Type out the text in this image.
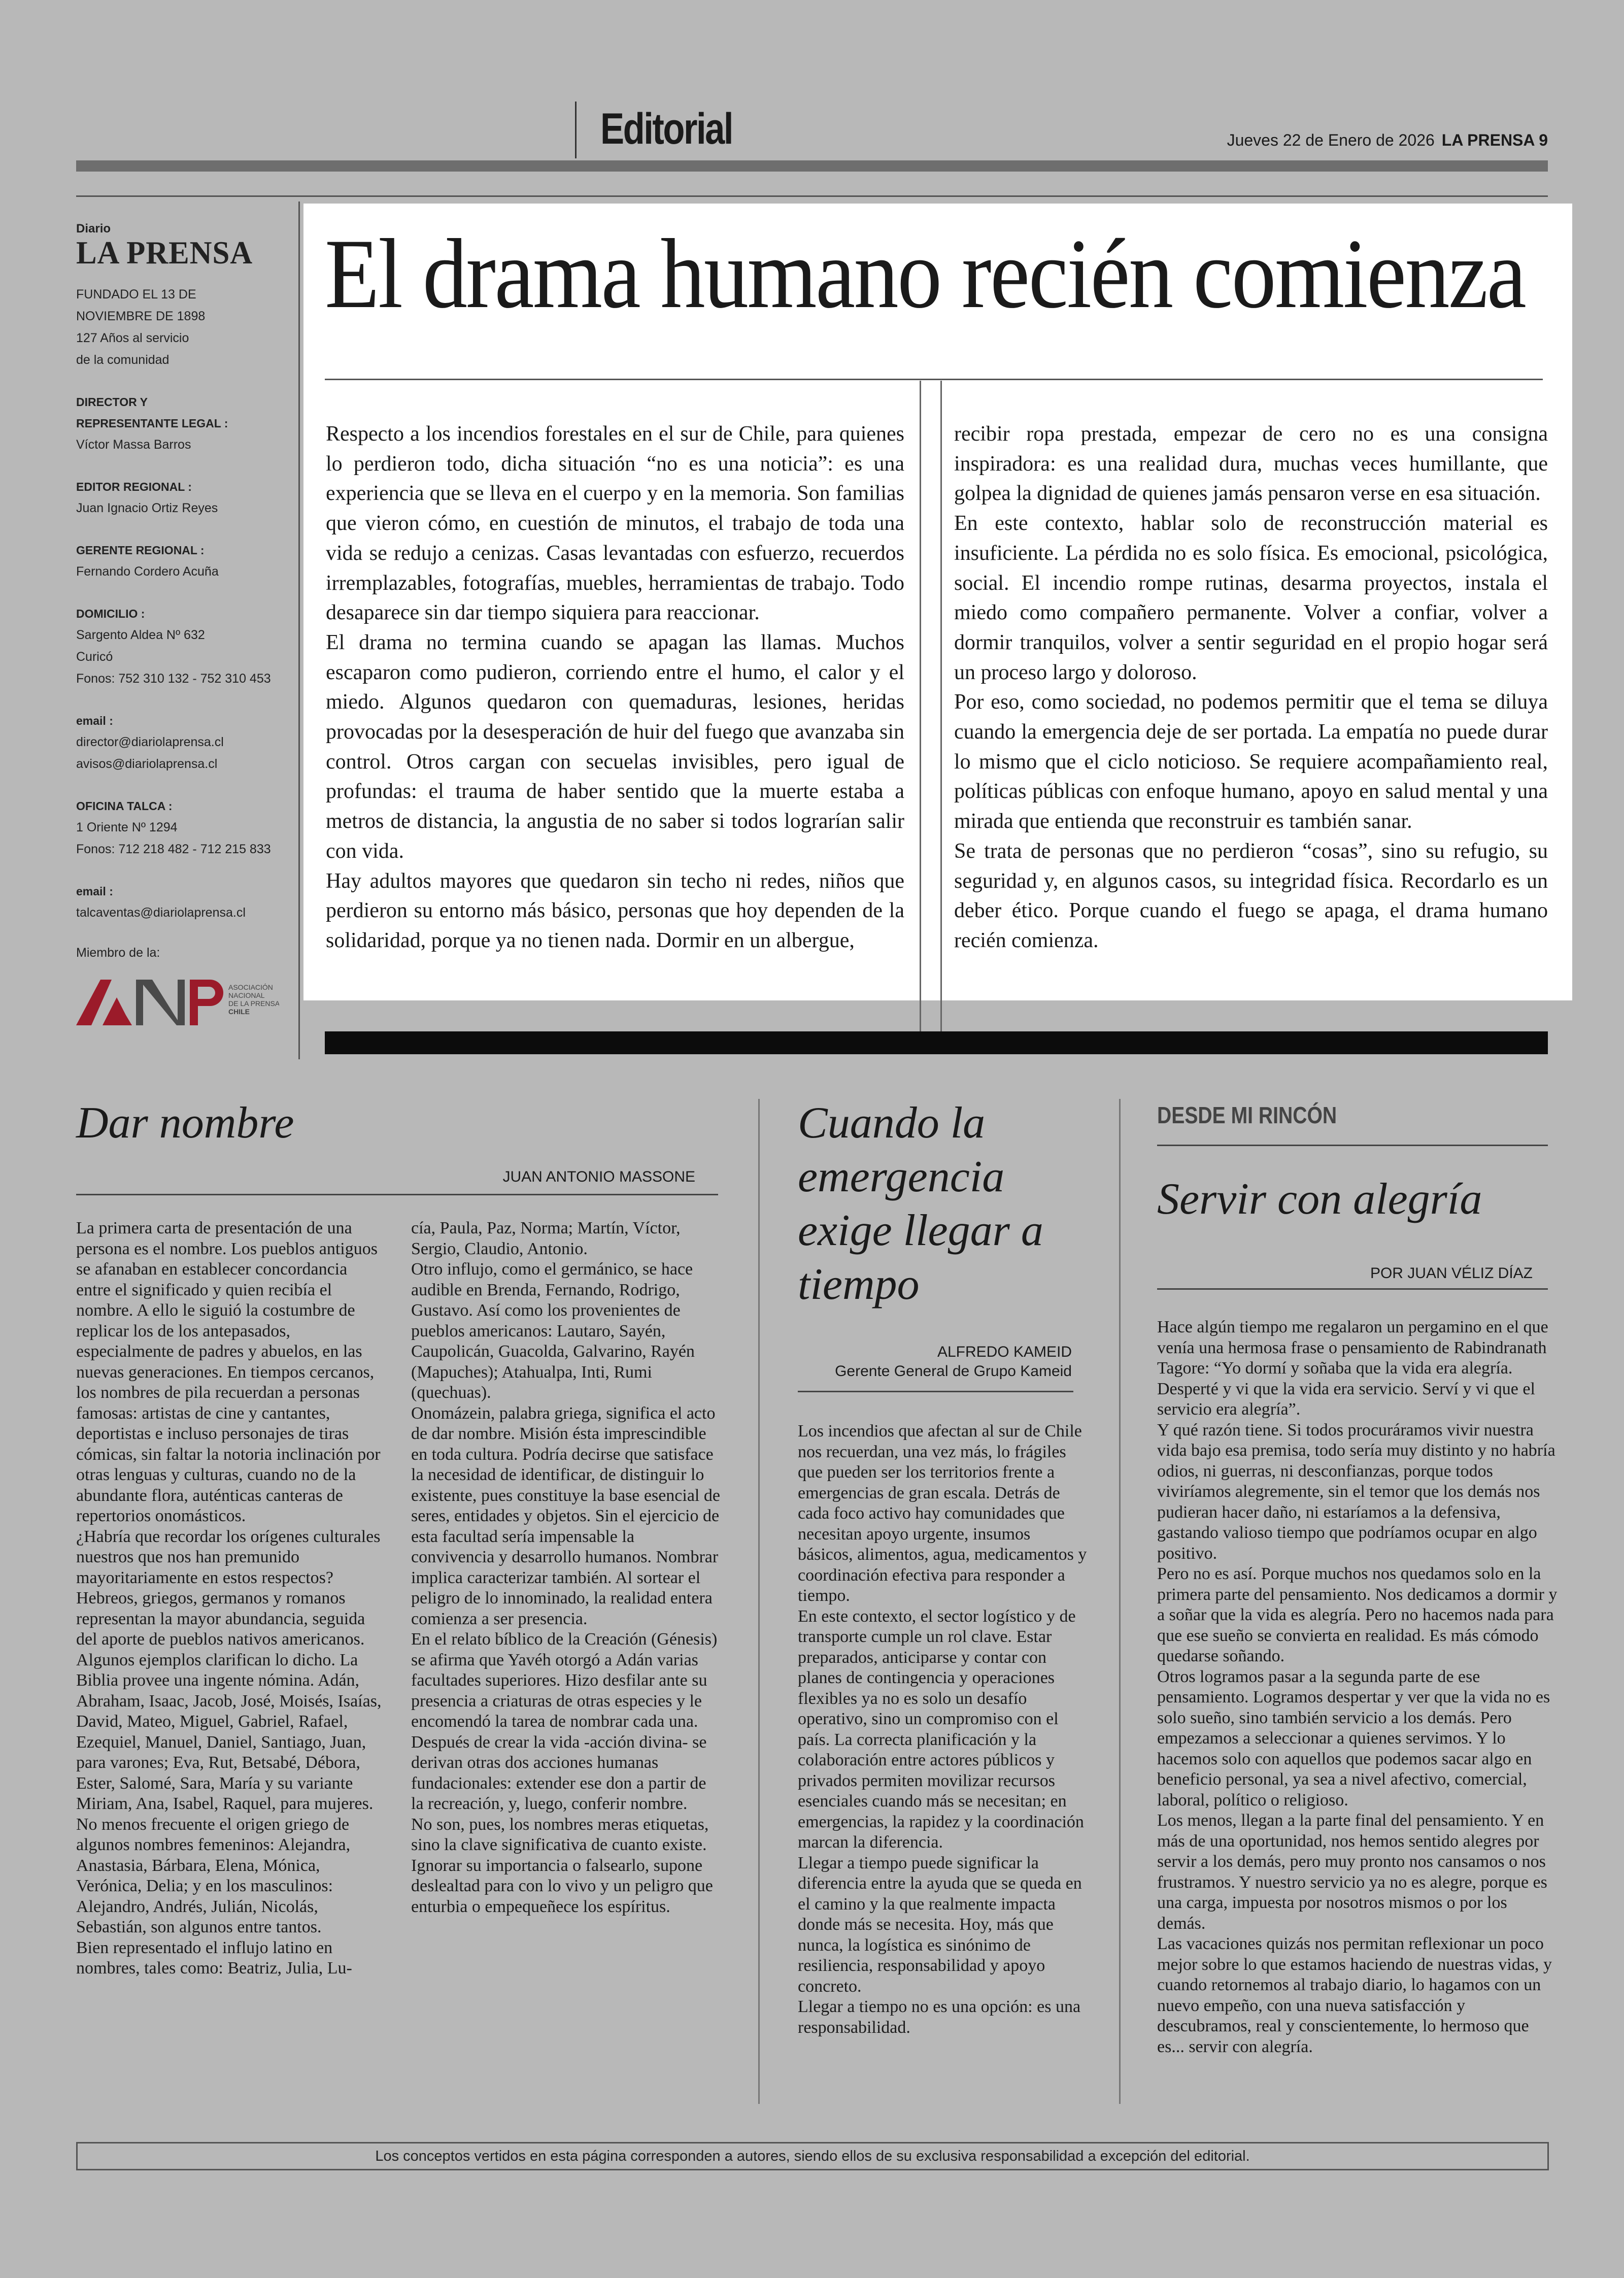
Editorial	Jueves 22 de Enero de 2026 LA PRENSA 9
Diario
LA PRENSA
FUNDADO EL 13 DE
NOVIEMBRE DE 1898
127 Años al servicio
de la comunidad
DIRECTOR Y
REPRESENTANTE LEGAL :
Víctor Massa Barros
EDITOR REGIONAL :
Juan Ignacio Ortiz Reyes
GERENTE REGIONAL :
Fernando Cordero Acuña
DOMICILIO :
Sargento Aldea Nº 632
Curicó
Fonos: 752 310 132 - 752 310 453
email :
director@diariolaprensa.cl
avisos@diariolaprensa.cl
OFICINA TALCA :
1 Oriente Nº 1294
Fonos: 712 218 482 - 712 215 833
email :
talcaventas@diariolaprensa.cl
Miembro de la:
ASOCIACIÓN
NACIONAL
DE LA PRENSA
CHILE
El drama humano recién comienza

Respecto a los incendios forestales en el sur de Chile, para quienes lo perdieron todo, dicha situación “no es una noticia”: es una experiencia que se lleva en el cuerpo y en la memoria. Son familias que vieron cómo, en cuestión de minutos, el trabajo de toda una vida se redujo a cenizas. Casas levantadas con esfuerzo, recuerdos irremplazables, fotografías, muebles, herramientas de trabajo. Todo desaparece sin dar tiempo siquiera para reaccionar.

El drama no termina cuando se apagan las llamas. Muchos escaparon como pudieron, corriendo entre el humo, el calor y el miedo. Algunos quedaron con quemaduras, lesiones, heridas provocadas por la desesperación de huir del fuego que avanzaba sin control. Otros cargan con secuelas invisibles, pero igual de profundas: el trauma de haber sentido que la muerte estaba a metros de distancia, la angustia de no saber si todos lograrían salir con vida.

Hay adultos mayores que quedaron sin techo ni redes, niños que perdieron su entorno más básico, personas que hoy dependen de la solidaridad, porque ya no tienen nada. Dormir en un albergue,

recibir ropa prestada, empezar de cero no es una consigna inspiradora: es una realidad dura, muchas veces humillante, que golpea la dignidad de quienes jamás pensaron verse en esa situación.

En este contexto, hablar solo de reconstrucción material es insuficiente. La pérdida no es solo física. Es emocional, psicológica, social. El incendio rompe rutinas, desarma proyectos, instala el miedo como compañero permanente. Volver a confiar, volver a dormir tranquilos, volver a sentir seguridad en el propio hogar será un proceso largo y doloroso.

Por eso, como sociedad, no podemos permitir que el tema se diluya cuando la emergencia deje de ser portada. La empatía no puede durar lo mismo que el ciclo noticioso. Se requiere acompañamiento real, políticas públicas con enfoque humano, apoyo en salud mental y una mirada que entienda que reconstruir es también sanar.

Se trata de personas que no perdieron “cosas”, sino su refugio, su seguridad y, en algunos casos, su integridad física. Recordarlo es un deber ético. Porque cuando el fuego se apaga, el drama humano recién comienza.

Dar nombre
JUAN ANTONIO MASSONE

La primera carta de presentación de una persona es el nombre. Los pueblos antiguos se afanaban en establecer concordancia entre el significado y quien recibía el nombre. A ello le siguió la costumbre de replicar los de los antepasados, especialmente de padres y abuelos, en las nuevas generaciones. En tiempos cercanos, los nombres de pila recuerdan a personas famosas: artistas de cine y cantantes, deportistas e incluso personajes de tiras cómicas, sin faltar la notoria inclinación por otras lenguas y culturas, cuando no de la abundante flora, auténticas canteras de repertorios onomásticos.

¿Habría que recordar los orígenes culturales nuestros que nos han premunido mayoritariamente en estos respectos? Hebreos, griegos, germanos y romanos representan la mayor abundancia, seguida del aporte de pueblos nativos americanos. Algunos ejemplos clarifican lo dicho. La Biblia provee una ingente nómina. Adán, Abraham, Isaac, Jacob, José, Moisés, Isaías, David, Mateo, Miguel, Gabriel, Rafael, Ezequiel, Manuel, Daniel, Santiago, Juan, para varones; Eva, Rut, Betsabé, Débora, Ester, Salomé, Sara, María y su variante Miriam, Ana, Isabel, Raquel, para mujeres.

No menos frecuente el origen griego de algunos nombres femeninos: Alejandra, Anastasia, Bárbara, Elena, Mónica, Verónica, Delia; y en los masculinos: Alejandro, Andrés, Julián, Nicolás, Sebastián, son algunos entre tantos.

Bien representado el influjo latino en nombres, tales como: Beatriz, Julia, Lu-

cía, Paula, Paz, Norma; Martín, Víctor, Sergio, Claudio, Antonio.

Otro influjo, como el germánico, se hace audible en Brenda, Fernando, Rodrigo, Gustavo. Así como los provenientes de pueblos americanos: Lautaro, Sayén, Caupolicán, Guacolda, Galvarino, Rayén (Mapuches); Atahualpa, Inti, Rumi (quechuas).

Onomázein, palabra griega, significa el acto de dar nombre. Misión ésta imprescindible en toda cultura. Podría decirse que satisface la necesidad de identificar, de distinguir lo existente, pues constituye la base esencial de seres, entidades y objetos. Sin el ejercicio de esta facultad sería impensable la convivencia y desarrollo humanos. Nombrar implica caracterizar también. Al sortear el peligro de lo innominado, la realidad entera comienza a ser presencia.

En el relato bíblico de la Creación (Génesis) se afirma que Yavéh otorgó a Adán varias facultades superiores. Hizo desfilar ante su presencia a criaturas de otras especies y le encomendó la tarea de nombrar cada una. Después de crear la vida -acción divina- se derivan otras dos acciones humanas fundacionales: extender ese don a partir de la recreación, y, luego, conferir nombre.

No son, pues, los nombres meras etiquetas, sino la clave significativa de cuanto existe.

Ignorar su importancia o falsearlo, supone deslealtad para con lo vivo y un peligro que enturbia o empequeñece los espíritus.

Cuando la emergencia exige llegar a tiempo
ALFREDO KAMEID
Gerente General de Grupo Kameid

Los incendios que afectan al sur de Chile nos recuerdan, una vez más, lo frágiles que pueden ser los territorios frente a emergencias de gran escala. Detrás de cada foco activo hay comunidades que necesitan apoyo urgente, insumos básicos, alimentos, agua, medicamentos y coordinación efectiva para responder a tiempo.

En este contexto, el sector logístico y de transporte cumple un rol clave. Estar preparados, anticiparse y contar con planes de contingencia y operaciones flexibles ya no es solo un desafío operativo, sino un compromiso con el país. La correcta planificación y la colaboración entre actores públicos y privados permiten movilizar recursos esenciales cuando más se necesitan; en emergencias, la rapidez y la coordinación marcan la diferencia.

Llegar a tiempo puede significar la diferencia entre la ayuda que se queda en el camino y la que realmente impacta donde más se necesita. Hoy, más que nunca, la logística es sinónimo de resiliencia, responsabilidad y apoyo concreto.

Llegar a tiempo no es una opción: es una responsabilidad.

DESDE MI RINCÓN
Servir con alegría
POR JUAN VÉLIZ DÍAZ

Hace algún tiempo me regalaron un pergamino en el que venía una hermosa frase o pensamiento de Rabindranath Tagore: “Yo dormí y soñaba que la vida era alegría. Desperté y vi que la vida era servicio. Serví y vi que el servicio era alegría”.

Y qué razón tiene. Si todos procuráramos vivir nuestra vida bajo esa premisa, todo sería muy distinto y no habría odios, ni guerras, ni desconfianzas, porque todos viviríamos alegremente, sin el temor que los demás nos pudieran hacer daño, ni estaríamos a la defensiva, gastando valioso tiempo que podríamos ocupar en algo positivo.

Pero no es así. Porque muchos nos quedamos solo en la primera parte del pensamiento. Nos dedicamos a dormir y a soñar que la vida es alegría. Pero no hacemos nada para que ese sueño se convierta en realidad. Es más cómodo quedarse soñando.

Otros logramos pasar a la segunda parte de ese pensamiento. Logramos despertar y ver que la vida no es solo sueño, sino también servicio a los demás. Pero empezamos a seleccionar a quienes servimos. Y lo hacemos solo con aquellos que podemos sacar algo en beneficio personal, ya sea a nivel afectivo, comercial, laboral, político o religioso.

Los menos, llegan a la parte final del pensamiento. Y en más de una oportunidad, nos hemos sentido alegres por servir a los demás, pero muy pronto nos cansamos o nos frustramos. Y nuestro servicio ya no es alegre, porque es una carga, impuesta por nosotros mismos o por los demás.

Las vacaciones quizás nos permitan reflexionar un poco mejor sobre lo que estamos haciendo de nuestras vidas, y cuando retornemos al trabajo diario, lo hagamos con un nuevo empeño, con una nueva satisfacción y descubramos, real y conscientemente, lo hermoso que es... servir con alegría.

Los conceptos vertidos en esta página corresponden a autores, siendo ellos de su exclusiva responsabilidad a excepción del editorial.
